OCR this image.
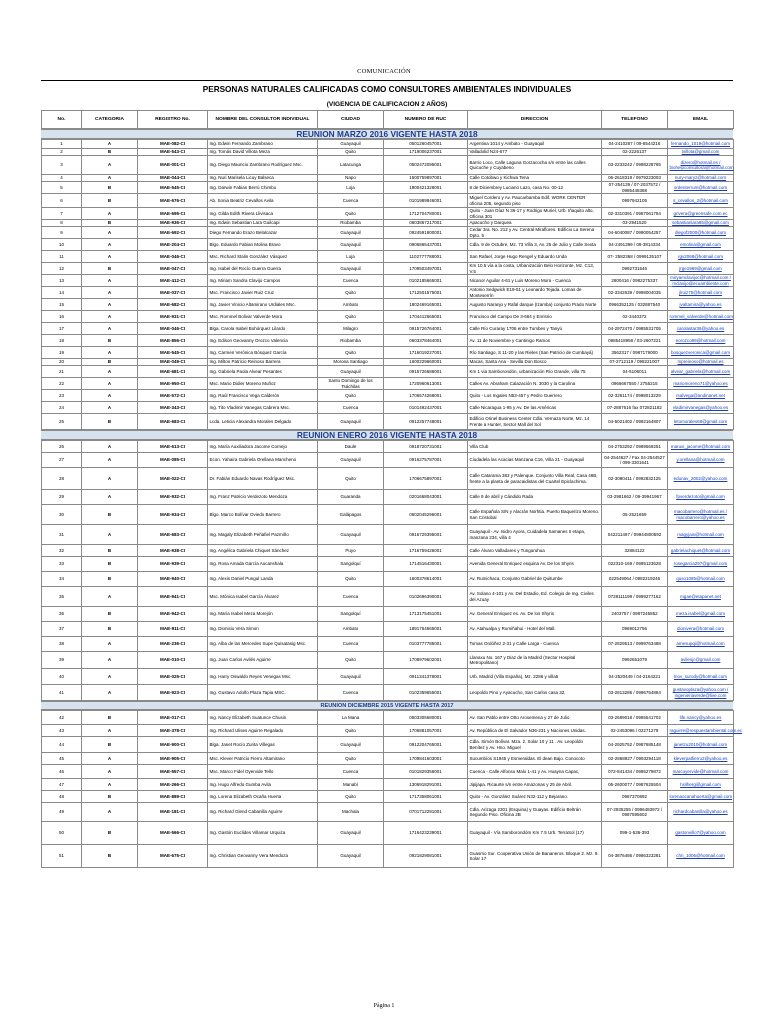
COMUNICACIÓN
PERSONAS NATURALES CALIFICADAS COMO CONSULTORES AMBIENTALES INDIVIDUALES
(VIGENCIA DE CALIFICACION 2 AÑOS)
No.	CATEGORIA	REGISTRO No.	NOMBRE DEL CONSULTOR INDIVIDUAL	CIUDAD	NUMERO DE RUC	DIRECCION	TELEFONO	EMAIL
REUNION MARZO 2016 VIGENTE HASTA 2018
1	A	MAE-082-CI	Ing. Edwin Fernando Zambrano	Guayaquil	0501260457001	Argentina 1014 y Ambato - Guayaquil	04-2410287 / 09-8544216	fernando_1019@hotmail.com
2	B	MAE-543-CI	Ing. Tomás David Villota Meza	Quito	1719006237001	Valladolid N24-677	02-2226137	tvillota@gmail.com
3	A	MAE-001-CI	Ing. Diego Mauricio Zambrano Rodríguez Msc.	Latacunga	0502472095001	Barrio Loco, Calle Laguna Gorzacocha s/n entre las calles Quicoche y Cuyabeno	03-2233242 / 0998228765	dizero@hotmail.es / biohelpconsultora@hotmail.com
4	A	MAE-044-CI	Ing. Nuri Marisela Licuy Balseca	Napo	1500759897001	Calle Cotobwo y Kichwa Tena	06-2618319 / 0979223003	nury-maryz@hotmail.com
5	B	MAE-545-CI	Ing. Darwin Fabian Berrú Chimbo	Loja	1900421328001	8 de Diciembrey Luciano Lazo, casa No. 00-12	07-254139 / 07-2037572 / 0985448388	ordenterrum@hotmail.com
6	B	MAE-676-CI	Ab. Sonia Beatriz Cevallos Avila	Cuenca	0101989846001	Miguel Cordero y Av. Paucarbamba Edif. WORK CENTER oficina 205, segundo piso	0997942105	s_cevallos_2@hotmail.com
7	A	MAE-695-CI	Ing. Gilda Edith Rivera Llivisaca	Quito	1712704780001	Quito - Juan Díaz N 36-17 y Rodrigo Muriel, Urb. Iñaquito alto, Oficina 301	02-3310391 / 0987061794	grivera@greensafe.com.ec
8	B	MAE-936-CI	Ing. Edwin Sebastian Lara Guilcapi	Riobamba	0603867217001	Apacucho y Darquea	03-2941520	sebastianlara85@gmail.com
9	A	MAE-692-CI	Diego Fernando Erazo Belalcazar	Guayaquil	0924591800001	Cedar 3ra. No. 212 y Av. Central Miraflores. Edificio La Serena Dpto. 5	04-6040087 / 0990054257	diegof2000@hotmail.com
10	A	MAE-204-CI	Blgo. Eduardo Fabian Molina Bravo	Guayaquil	0906865437001	Cdla. 9 de Octubre, Mz. 73 Villa 3, Av. 25 de Julio y Calle Sexta	04-2491399 / 09-3814334	emolina@gmail.com
11	A	MAE-046-CI	Msc. Richard Stalin González Vásquez	Loja	1102777788001	San Rafael, Jorge Hugo Rengel y Eduardo Unda	07- 2582368 / 0999135107	rgv2068@hotmail.com
12	B	MAE-047-CI	Ing. Isabel del Rocío Guerra Guerra	Guayaquil	1709503497001	Km 10.5 vía a la costa, Urbanización Belo Horizonte, Mz. C13, V.5	0992731546	jrge1969@gmail.com
13	A	MAE-412-CI	Ing. Miriam Sandra Clavijo Campos	Cuenca	0102185665001	Nicanor Aguilar 4-61 y Luis Moreno Mora - Cuenca	2800416 / 0982275337	miryamclavijoc@hotmail.com / mclavijo@ecuambiente.com
14	A	MAE-037-CI	Msc. Francisco Javier Ruiz Cruz	Quito	1712501575001	Antonio Sedgwick E19-51 y Leonardo Tejada. Lomas de Monteserrín	02-3342639 / 0998004035	jlruiz75@hotmail.com
15	A	MAE-682-CI	Ing. Javier Vinicio Altamirano Urdiales Msc.	Ambato	1802469165001	Augusto Naranjo y Rafal darque (Izamba) conjunto Prado Norte	0966352125 / 032887540	jvaltamira@yahoo.es
16	A	MAE-931-CI	Msc. Rommel Bolivar Valverde Mora	Quito	1704412665001	Francisco del Campo De 3-664 y Enrisrio	02-3440372	rommel_valverde@hotmail.com
17	A	MAE-046-CI	Blga. Carola Isabel Bohórquez Lilardo	Milagro	0915726764001	Calle Río Curaray 1706 entre Tumbes y Tanyú	04-2972470 / 0985531705	carolastar36@yahoo.es
18	B	MAE-856-CI	Ing. Edison Geovanny Orozco Valencia	Riobamba	0603378464001	Av. 11 de Noviembre y Cantinigo Ramos	0985418958 / 03-2607221	eorozco89@hotmail.com
19	A	MAE-545-CI	Ing. Carmen Verónica Bósquez García	Quito	1716019227001	Río Santiago, S 11-20 y las Rieles (San Patricio de Cumbayá)	3562317 / 0987179000	bosquezveronica@gmail.com
20	B	MAE-049-CI	Ing. Milton Patricio Reinoso Barrera	Morona Santiago	1600229660001	Macas, Santa Ana - Sevilla Don Bosco	07-2712119 / 098221007	mpreinoso@hotmail.es
21	A	MAE-681-CI	Ing. Gabriela Paola Alvear Pesantes	Guayaquil	0915726686001	Km 1 via Samborondón, urbanización Río Grande, villa 75	04-5106011	alvear_gabriela@hotmail.com
22	A	MAE-950-CI	Msc. Mario Didier Moreno Muñoz	Santo Domingo de los Tsáchilas	1720960613001	Calles Av. Abraham Calazación N. 3030 y la Carolina	0966667550 / 2755215	mariomoreno71@yahoo.es
23	A	MAE-572-CI	Ing. Raúl Francisco Vega Calderón	Quito	1706574268001	Quito - Los Ingales N53-457 y Pedro Guerrero	02-3261174 / 0998013229	rsalvega@andinanet.net
24	A	MAE-343-CI	Ing. Tito Vladimir Vanegas Cabrera Msc.	Cuenca	0101492437001	Calle Nicaragua 1-95 y Av. De las Américas	07-2887616 fax 072821182	vladimirvanegas@yahoo.es
25	B	MAE-683-CI	Lcda. Leticia Alexandra Morales Delgado	Guayaquil	0912257748001	Edificio Orinel Business Center Cdla. Vernaza Norte, Mz. 14 Frente a Hunter, Sector Mall del Sol	04-5021402 / 0992164807	letomorales68@gmail.com
REUNION ENERO 2016 VIGENTE HASTA 2018
26	A	MAE-613-CI	Ing. María Auxiliadora Jacome Cornejo	Daule	0918720731001	Villa Club	04-2753292 / 0989569251	maruxi_jacome@hotmail.com
27	A	MAE-085-CI	Econ. Yahaira Gabriela Orellana Mancheno	Guayaquil	0916275787001	Ciudadela las Acacias Manzana C16, Villa 21 - Guayaquil	04-2544627 / Fax 04-2544527 / 099-3301641	y.orellana@hotmail.com
28	A	MAE-022-CI	Dr. Fabián Eduardo Navas Rodríguez Msc.	Quito	1706675897001	Calle Catarama 383 y Palenque. Conjunto Villa Real, Casa 46B, frente a la planta de paracaidistas del Cuartel Epiclachima.	02-3080411 / 0992832125	edunav_2002@yahoo.com
29	A	MAE-932-CI	Ing. Franz Patricio Verdezoto Mendoza	Guaranda	0201668043001	Calle 9 de abril y Cándido Rada	03-2981662 / 09-39941967	fpverdezoto@gmail.com
30	B	MAE-934-CI	Blgo. Marco Bolívar Oviedo Barrero	Galápagos	0602045296001	Calle Española S/N y Alacrán Norhtia. Puerto Baquerizo Moreno. San Cristobal	05-2521659	macobarrero@hotmail.es / macobarrero@yahoo.es
31	A	MAE-683-CI	Ing. Magaly Elizabeth Peñafiel Pazmiño	Guayaquil	0916729395001	Guayaquil - Av. Isidro Ayora, Cuidadela Samanes II etapa, manzana 234, villa 4	042211497 / 09944800592	magyjais@hotmail.com
32	B	MAE-938-CI	Ing. Angélica Gabriela Chiquet Sánchez	Puyo	1716759426001	Calle Álvaro Valladares y Tunguruhua	32884122	gabrielachiquet@hotmail.com
33	B	MAE-939-CI	Ing. Rosa Amada García Aucanshala	Sangolquí	1714516430001	Avenida General Enriquez esquina Av. De los Shyris	022310-169 / 0995123628	rosegarcia297@gmail.com
34	B	MAE-940-CI	Ing. Alexis Daniel Pungul Landa	Quito	1600378614001	Av. Rumichaca, Conjunto Gabriel de Quitumbe	022549064 / 0982219246	quso1085@hotmail.com
35	A	MAE-941-CI	Msc. Mónica Isabel García Álvarez	Cuenca	0102696390001	Av. Solano 4-101 y Av. Del Estadio, Ed. Colegio de Ing. Civiles del Azuay	0728111199 / 0999277162	mgae@etapanet.net
36	B	MAE-942-CI	Ing. María Isabel Meza Morejón	Sangolquí	1713175451001	Av. General Enriquez es. Av. De los Shyris	2403757 / 0987245852	meza.isabel@gmail.com
37	B	MAE-911-CI	Ing. Dionisio Vera Simon	Ambato	1891764665001	Av. Atahualpa y Rumiñahui - Hotel del Mall.	0969012756	dionivera@hotmail.com
38	A	MAE-236-CI	Ing. Alba de las Mercedes Supe Quisatasig Msc.	Cuenca	0103777785001	Tomas Ordóñez 2-31 y Calle Larga - Cuenca	07-2829513 / 0999763488	amesupqi@hotmail.com
39	A	MAE-010-CI	Ing. Juan Carlos Avilés Aguirre	Quito	1708979602001	Llanaxu No. 167 y Diaz de la Madrid (Sector Hospital Metropolitano)	0992651079	avilesjc@gmail.com
40	A	MAE-025-CI	Ing. Harry Oswaldo Reyes Venegas Msc.	Guayaquil	0911341378001	Urb. Madrid (Villa España), Mz. 2286 y villa5	04-2520449 / 04-2164221	lnov_surody@hotmail.com
41	A	MAE-923-CI	Ing. Gustavo Adolfo Plaza Tapia MSC.	Cuenca	0102359655001	Leopoldo Pino y Ayacucho, San Carlos casa 32,	03-2813286 / 0996754884	gustavoplaza@yahoo.com / ingenieriaverde@live.com
REUNION DICIEMBRE 2015 VIGENTE HASTA 2017
42	B	MAE-017-CI	Ing. Nancy Elizabeth Suatunce Chusin	La Mana	0503305680001	Av. San Pablo entre Otto Arosemena y 27 de Julio	03-2689018 / 0985541702	life.nancy@yahoo.es
43	A	MAE-378-CI	Ing. Richard Ulises Aguirre Regalado	Quito	1706881057001	Av. República de El Salvador N36-231 y Naciones Unidas.	02-2453096 / 02271279	raguirre@respuestambiental.com.ec
44	B	MAE-900-CI	Blga. Janet Rocío Zurita Villegas	Guayaquil	0912204765001	Cdla. Simón Bolívar. Mza. 2. Solar 10 y 11 . Av. Leopoldo Benítez y Av. Hno. Miguel	04-2925752 / 0987685148	janetzu2010@hotmail.com
45	A	MAE-905-CI	Msc. Klever Patricio Fierro Altamirano	Quito	1709841603001	Sucumbíos S1945 y Esmeraldas. El dean Bajo. Conocoto	02-2868927 / 0993294118	kleverpatfierro2@yahoo.es
46	A	MAE-557-CI	Msc. Marco Fidel Oyervide Tello	Cuenca	0101829356001	Cuenca - Calle Alfonso Malo 1-41 y Av. Huayna Capac,	072-841434 / 0995279872	marcoyervide@hotmail.com
47	A	MAE-266-CI	Ing. Hugo Alfredo Gumba Avila	Manabí	1306918291001	Jipijapa. Ricaurte s/n entre Amazonas y 25 de Abril.	05-2600077 / 0987625504	hsilherg@gmail.com
48	B	MAE-889-CI	Ing. Lorena Elizabeth Ocaña Huerta	Quito	1717358061001	Quito - Av. González Suárez N32-112 y Bejarano.	0987370892	lorenaocanahuerta@gmail.com
49	A	MAE-181-CI	Ing. Richard Glend Cabanilla Aguirre	Machala	0701712291001	Cdla. Arizaga 2301 (Esquina) y Guayas. Edificio Beltrán Segundo Piso. Oficina 2B	07-2935255 / 0996483972 / 0987595602	richardcabanilla@yahoo.es
50	B	MAE-566-CI	Ing. Gastón Euclides Villamar Urquiza	Guayaquil	1716423239001	Guayaquil - Vía Samborondóm Km 7.5 Urb. TerraSol (17)	099-1-536-393	gastonvillo7@yahoo.com
51	B	MAE-675-CI	Ing. Christian Geovanny Vera Mendoza	Guayaquil	0921829081001	Guasmo Sur. Cooperativa Unión de Bananeros. Bloque 2. Mz. 9. Solar 17	04-3876486 / 0986323281	chri_1006@hotmail.com
Página 1
